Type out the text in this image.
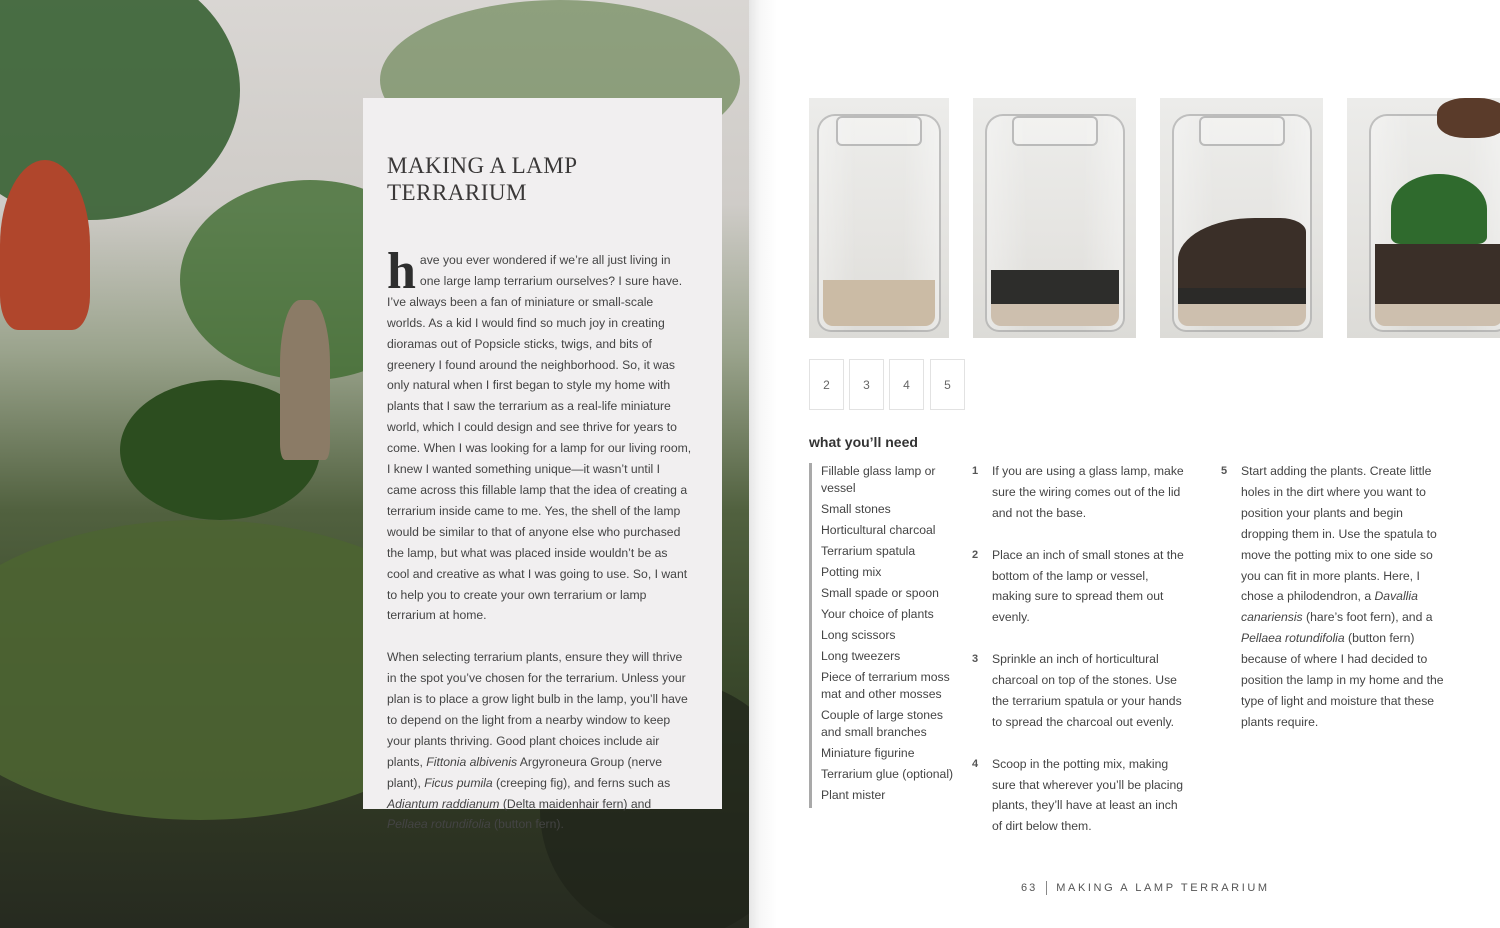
MAKING A LAMP TERRARIUM

have you ever wondered if we’re all just living in one large lamp terrarium ourselves? I sure have. I’ve always been a fan of miniature or small-scale worlds. As a kid I would find so much joy in creating dioramas out of Popsicle sticks, twigs, and bits of greenery I found around the neighborhood. So, it was only natural when I first began to style my home with plants that I saw the terrarium as a real-life miniature world, which I could design and see thrive for years to come. When I was looking for a lamp for our living room, I knew I wanted something unique—it wasn’t until I came across this fillable lamp that the idea of creating a terrarium inside came to me. Yes, the shell of the lamp would be similar to that of anyone else who purchased the lamp, but what was placed inside wouldn’t be as cool and creative as what I was going to use. So, I want to help you to create your own terrarium or lamp terrarium at home.

When selecting terrarium plants, ensure they will thrive in the spot you’ve chosen for the terrarium. Unless your plan is to place a grow light bulb in the lamp, you’ll have to depend on the light from a nearby window to keep your plants thriving. Good plant choices include air plants, Fittonia albivenis Argyroneura Group (nerve plant), Ficus pumila (creeping fig), and ferns such as Adiantum raddianum (Delta maidenhair fern) and Pellaea rotundifolia (button fern).

2	3	4	5
what you’ll need
Fillable glass lamp or vessel
Small stones
Horticultural charcoal
Terrarium spatula
Potting mix
Small spade or spoon
Your choice of plants
Long scissors
Long tweezers
Piece of terrarium moss mat and other mosses
Couple of large stones and small branches
Miniature figurine
Terrarium glue (optional)
Plant mister
1 If you are using a glass lamp, make sure the wiring comes out of the lid and not the base.
2 Place an inch of small stones at the bottom of the lamp or vessel, making sure to spread them out evenly.
3 Sprinkle an inch of horticultural charcoal on top of the stones. Use the terrarium spatula or your hands to spread the charcoal out evenly.
4 Scoop in the potting mix, making sure that wherever you’ll be placing plants, they’ll have at least an inch of dirt below them.
5 Start adding the plants. Create little holes in the dirt where you want to position your plants and begin dropping them in. Use the spatula to move the potting mix to one side so you can fit in more plants. Here, I chose a philodendron, a Davallia canariensis (hare’s foot fern), and a Pellaea rotundifolia (button fern) because of where I had decided to position the lamp in my home and the type of light and moisture that these plants require.
63 MAKING A LAMP TERRARIUM
